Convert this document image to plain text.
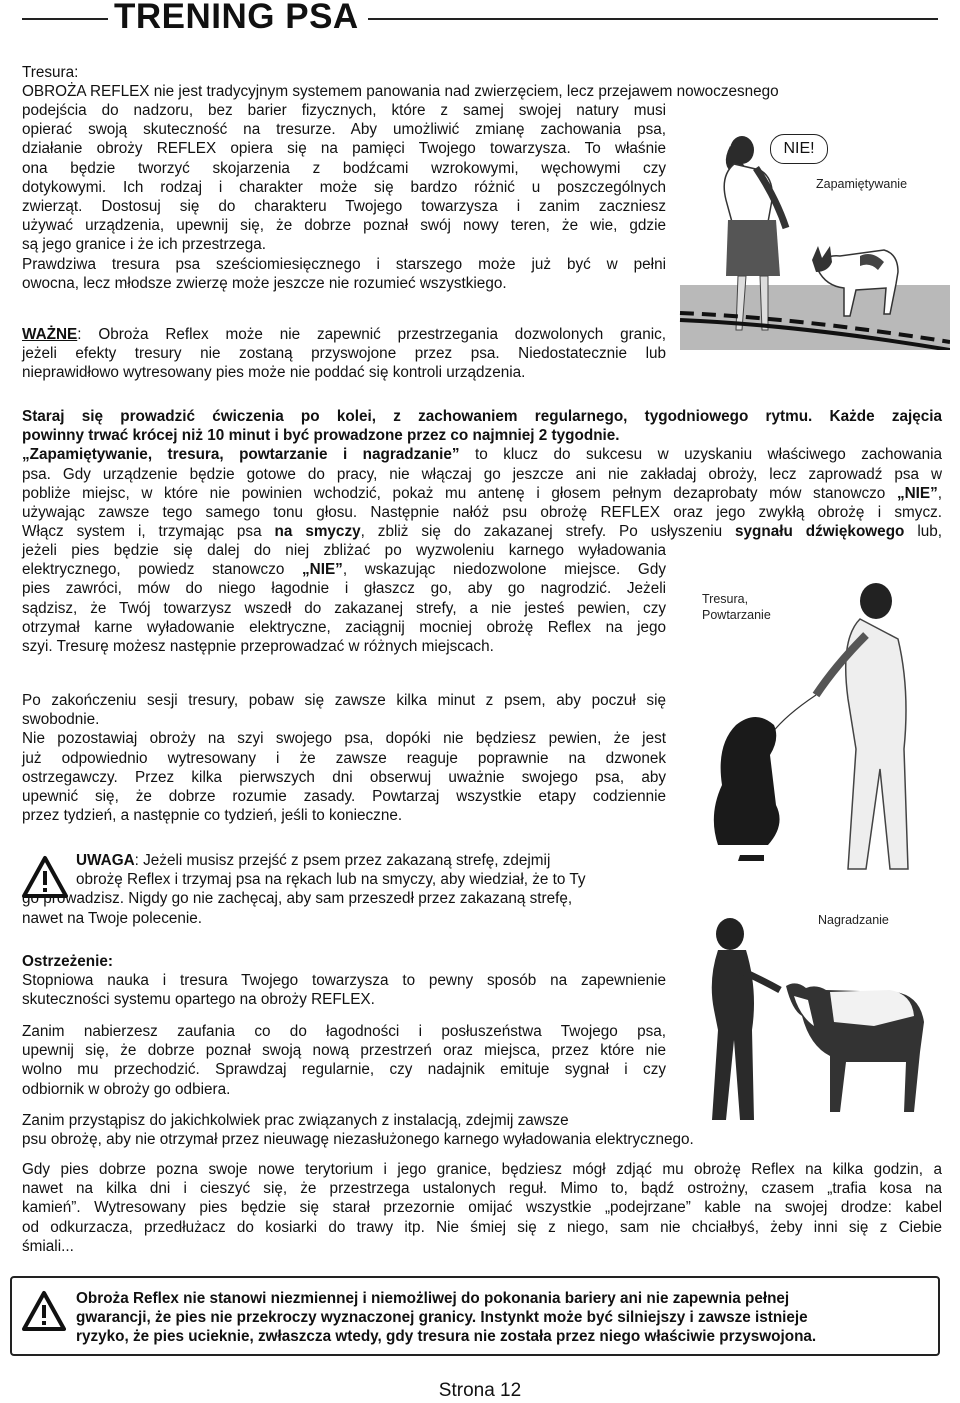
TRENING PSA

Tresura:

OBROŻA REFLEX nie jest tradycyjnym systemem panowania nad zwierzęciem, lecz przejawem nowoczesnego

podejścia do nadzoru, bez barier fizycznych, które z samej swojej natury musi

opierać swoją skuteczność na tresurze. Aby umożliwić zmianę zachowania psa,

działanie obroży REFLEX opiera się na pamięci Twojego towarzysza. To właśnie

ona będzie tworzyć skojarzenia z bodźcami wzrokowymi, węchowymi czy

dotykowymi. Ich rodzaj i charakter może się bardzo różnić u poszczególnych

zwierząt. Dostosuj się do charakteru Twojego towarzysza i zanim zaczniesz

używać urządzenia, upewnij się, że dobrze poznał swój nowy teren, że wie, gdzie

są jego granice i że ich przestrzega.

Prawdziwa tresura psa sześciomiesięcznego i starszego może już być w pełni

owocna, lecz młodsze zwierzę może jeszcze nie rozumieć wszystkiego.

NIE!
Zapamiętywanie

WAŻNE: Obroża Reflex może nie zapewnić przestrzegania dozwolonych granic,

jeżeli efekty tresury nie zostaną przyswojone przez psa. Niedostatecznie lub

nieprawidłowo wytresowany pies może nie poddać się kontroli urządzenia.

Staraj się prowadzić ćwiczenia po kolei, z zachowaniem regularnego, tygodniowego rytmu. Każde zajęcia

powinny trwać krócej niż 10 minut i być prowadzone przez co najmniej 2 tygodnie.

„Zapamiętywanie, tresura, powtarzanie i nagradzanie” to klucz do sukcesu w uzyskaniu właściwego zachowania

psa. Gdy urządzenie będzie gotowe do pracy, nie włączaj go jeszcze ani nie zakładaj obroży, lecz zaprowadź psa w

pobliże miejsc, w które nie powinien wchodzić, pokaż mu antenę i głosem pełnym dezaprobaty mów stanowczo „NIE”,

używając zawsze tego samego tonu głosu. Następnie nałóż psu obrożę REFLEX oraz jego zwykłą obrożę i smycz.

Włącz system i, trzymając psa na smyczy, zbliż się do zakazanej strefy. Po usłyszeniu sygnału dźwiękowego lub,

jeżeli pies będzie się dalej do niej zbliżać po wyzwoleniu karnego wyładowania

elektrycznego, powiedz stanowczo „NIE”, wskazując niedozwolone miejsce. Gdy

pies zawróci, mów do niego łagodnie i głaszcz go, aby go nagrodzić. Jeżeli

sądzisz, że Twój towarzysz wszedł do zakazanej strefy, a nie jesteś pewien, czy

otrzymał karne wyładowanie elektryczne, zaciągnij mocniej obrożę Reflex na jego

szyi. Tresurę możesz następnie przeprowadzać w różnych miejscach.

Tresura,
Powtarzanie

Po zakończeniu sesji tresury, pobaw się zawsze kilka minut z psem, aby poczuł się

swobodnie.

Nie pozostawiaj obroży na szyi swojego psa, dopóki nie będziesz pewien, że jest

już odpowiednio wytresowany i że zawsze reaguje poprawnie na dzwonek

ostrzegawczy. Przez kilka pierwszych dni obserwuj uważnie swojego psa, aby

upewnić się, że dobrze rozumie zasady. Powtarzaj wszystkie etapy codziennie

przez tydzień, a następnie co tydzień, jeśli to konieczne.

UWAGA: Jeżeli musisz przejść z psem przez zakazaną strefę, zdejmij

obrożę Reflex i trzymaj psa na rękach lub na smyczy, aby wiedział, że to Ty

go prowadzisz. Nigdy go nie zachęcaj, aby sam przeszedł przez zakazaną strefę,

nawet na Twoje polecenie.	Nagradzanie

Ostrzeżenie:

Stopniowa nauka i tresura Twojego towarzysza to pewny sposób na zapewnienie

skuteczności systemu opartego na obroży REFLEX.

Zanim nabierzesz zaufania co do łagodności i posłuszeństwa Twojego psa,

upewnij się, że dobrze poznał swoją nową przestrzeń oraz miejsca, przez które nie

wolno mu przechodzić. Sprawdzaj regularnie, czy nadajnik emituje sygnał i czy

odbiornik w obroży go odbiera.

Zanim przystąpisz do jakichkolwiek prac związanych z instalacją, zdejmij zawsze

psu obrożę, aby nie otrzymał przez nieuwagę niezasłużonego karnego wyładowania elektrycznego.

Gdy pies dobrze pozna swoje nowe terytorium i jego granice, będziesz mógł zdjąć mu obrożę Reflex na kilka godzin, a

nawet na kilka dni i cieszyć się, że przestrzega ustalonych reguł. Mimo to, bądź ostrożny, czasem „trafia kosa na

kamień”. Wytresowany pies będzie się starał przezornie omijać wszystkie „podejrzane” kable na swojej drodze: kabel

od odkurzacza, przedłużacz do kosiarki do trawy itp. Nie śmiej się z niego, sam nie chciałbyś, żeby inni się z Ciebie

śmiali...

Obroża Reflex nie stanowi niezmiennej i niemożliwej do pokonania bariery ani nie zapewnia pełnej

gwarancji, że pies nie przekroczy wyznaczonej granicy. Instynkt może być silniejszy i zawsze istnieje

ryzyko, że pies ucieknie, zwłaszcza wtedy, gdy tresura nie została przez niego właściwie przyswojona.

Strona 12
